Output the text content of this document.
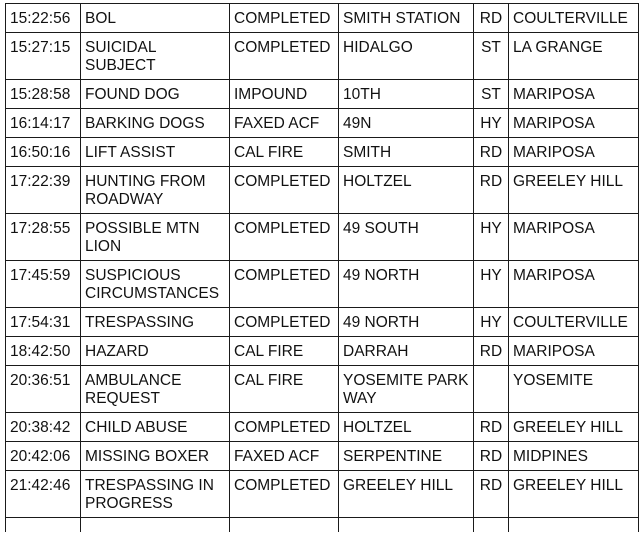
15:22:56	BOL	COMPLETED	SMITH STATION	RD	COULTERVILLE
15:27:15	SUICIDAL SUBJECT	COMPLETED	HIDALGO	ST	LA GRANGE
15:28:58	FOUND DOG	IMPOUND	10TH	ST	MARIPOSA
16:14:17	BARKING DOGS	FAXED ACF	49N	HY	MARIPOSA
16:50:16	LIFT ASSIST	CAL FIRE	SMITH	RD	MARIPOSA
17:22:39	HUNTING FROM ROADWAY	COMPLETED	HOLTZEL	RD	GREELEY HILL
17:28:55	POSSIBLE MTN LION	COMPLETED	49 SOUTH	HY	MARIPOSA
17:45:59	SUSPICIOUS CIRCUMSTANCES	COMPLETED	49 NORTH	HY	MARIPOSA
17:54:31	TRESPASSING	COMPLETED	49 NORTH	HY	COULTERVILLE
18:42:50	HAZARD	CAL FIRE	DARRAH	RD	MARIPOSA
20:36:51	AMBULANCE REQUEST	CAL FIRE	YOSEMITE PARK WAY		YOSEMITE
20:38:42	CHILD ABUSE	COMPLETED	HOLTZEL	RD	GREELEY HILL
20:42:06	MISSING BOXER	FAXED ACF	SERPENTINE	RD	MIDPINES
21:42:46	TRESPASSING IN PROGRESS	COMPLETED	GREELEY HILL	RD	GREELEY HILL
